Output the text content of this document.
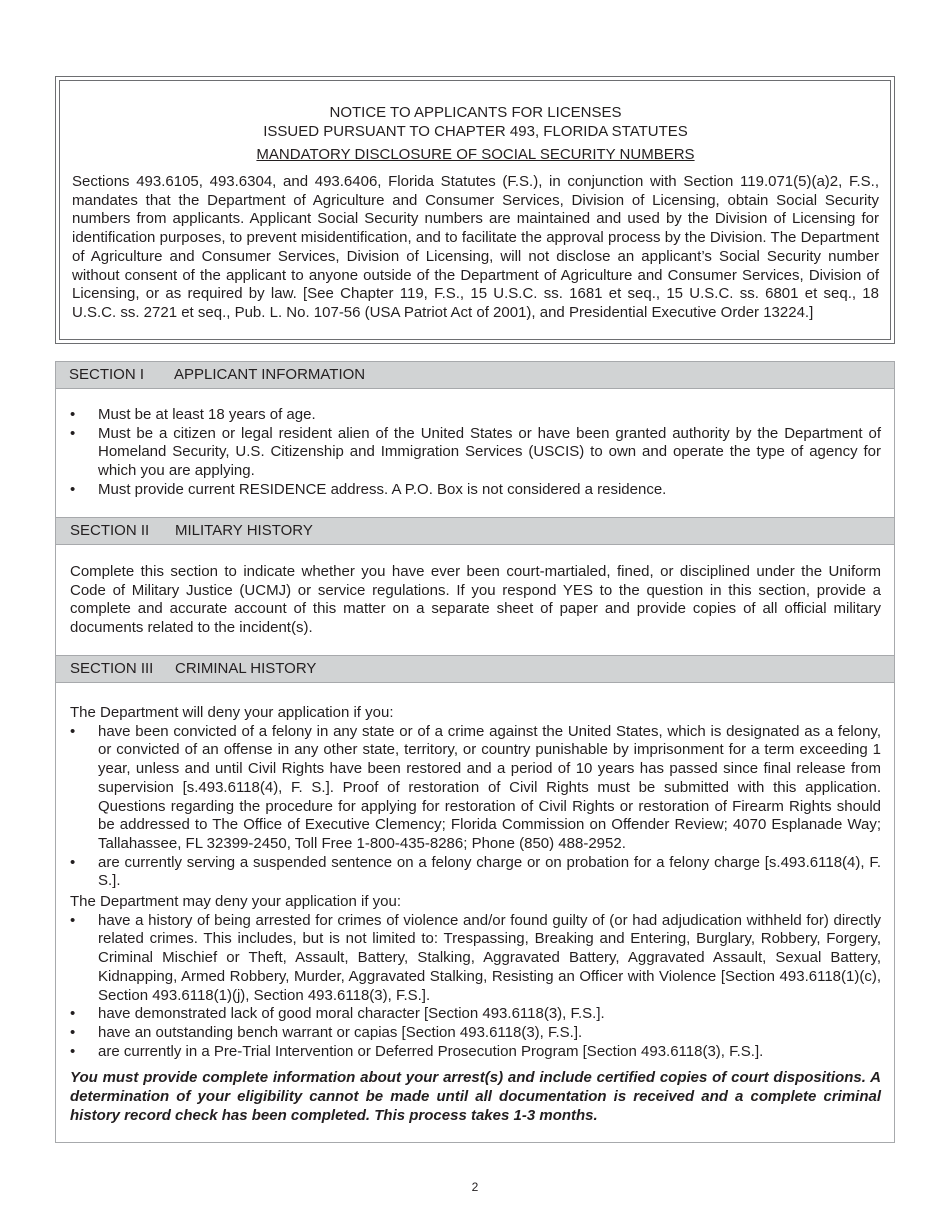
NOTICE TO APPLICANTS FOR LICENSES

ISSUED PURSUANT TO CHAPTER 493, FLORIDA STATUTES

MANDATORY DISCLOSURE OF SOCIAL SECURITY NUMBERS

Sections 493.6105, 493.6304, and 493.6406, Florida Statutes (F.S.), in conjunction with Section 119.071(5)(a)2, F.S., mandates that the Department of Agriculture and Consumer Services, Division of Licensing, obtain Social Security numbers from applicants. Applicant Social Security numbers are maintained and used by the Division of Licensing for identification purposes, to prevent misidentification, and to facilitate the approval process by the Division. The Department of Agriculture and Consumer Services, Division of Licensing, will not disclose an applicant’s Social Security number without consent of the applicant to anyone outside of the Department of Agriculture and Consumer Services, Division of Licensing, or as required by law. [See Chapter 119, F.S., 15 U.S.C. ss. 1681 et seq., 15 U.S.C. ss. 6801 et seq., 18 U.S.C. ss. 2721 et seq., Pub. L. No. 107-56 (USA Patriot Act of 2001), and Presidential Executive Order 13224.]

SECTION I APPLICANT INFORMATION
• Must be at least 18 years of age.
• Must be a citizen or legal resident alien of the United States or have been granted authority by the Department of Homeland Security, U.S. Citizenship and Immigration Services (USCIS) to own and operate the type of agency for which you are applying.
• Must provide current RESIDENCE address. A P.O. Box is not considered a residence.
SECTION II MILITARY HISTORY

Complete this section to indicate whether you have ever been court-martialed, fined, or disciplined under the Uniform Code of Military Justice (UCMJ) or service regulations. If you respond YES to the question in this section, provide a complete and accurate account of this matter on a separate sheet of paper and provide copies of all official military documents related to the incident(s).

SECTION III CRIMINAL HISTORY

The Department will deny your application if you:

• have been convicted of a felony in any state or of a crime against the United States, which is designated as a felony, or convicted of an offense in any other state, territory, or country punishable by imprisonment for a term exceeding 1 year, unless and until Civil Rights have been restored and a period of 10 years has passed since final release from supervision [s.493.6118(4), F. S.]. Proof of restoration of Civil Rights must be submitted with this application. Questions regarding the procedure for applying for restoration of Civil Rights or restoration of Firearm Rights should be addressed to The Office of Executive Clemency; Florida Commission on Offender Review; 4070 Esplanade Way; Tallahassee, FL 32399-2450, Toll Free 1-800-435-8286; Phone (850) 488-2952.
• are currently serving a suspended sentence on a felony charge or on probation for a felony charge [s.493.6118(4), F. S.].

The Department may deny your application if you:

• have a history of being arrested for crimes of violence and/or found guilty of (or had adjudication withheld for) directly related crimes. This includes, but is not limited to: Trespassing, Breaking and Entering, Burglary, Robbery, Forgery, Criminal Mischief or Theft, Assault, Battery, Stalking, Aggravated Battery, Aggravated Assault, Sexual Battery, Kidnapping, Armed Robbery, Murder, Aggravated Stalking, Resisting an Officer with Violence [Section 493.6118(1)(c), Section 493.6118(1)(j), Section 493.6118(3), F.S.].
• have demonstrated lack of good moral character [Section 493.6118(3), F.S.].
• have an outstanding bench warrant or capias [Section 493.6118(3), F.S.].
• are currently in a Pre-Trial Intervention or Deferred Prosecution Program [Section 493.6118(3), F.S.].

You must provide complete information about your arrest(s) and include certified copies of court dispositions. A determination of your eligibility cannot be made until all documentation is received and a complete criminal history record check has been completed. This process takes 1-3 months.

2
